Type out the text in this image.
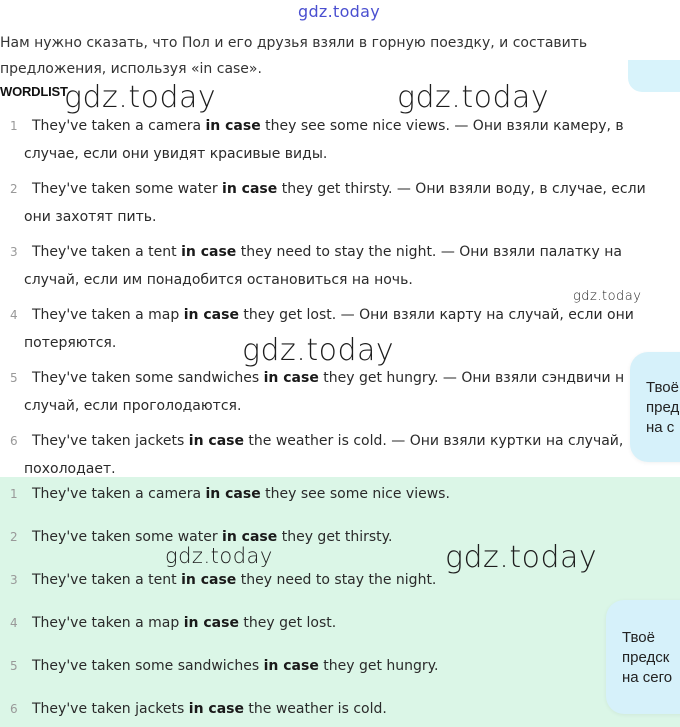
gdz.today
Нам нужно сказать, что Пол и его друзья взяли в горную поездку, и составить предложения, используя «in case».
WORDLIST
1 They've taken a camera in case they see some nice views. — Они взяли камеру, в
случае, если они увидят красивые виды.
2 They've taken some water in case they get thirsty. — Они взяли воду, в случае, если
они захотят пить.
3 They've taken a tent in case they need to stay the night. — Они взяли палатку на
случай, если им понадобится остановиться на ночь.
4 They've taken a map in case they get lost. — Они взяли карту на случай, если они
потеряются.
5 They've taken some sandwiches in case they get hungry. — Они взяли сэндвичи н
случай, если проголодаются.
6 They've taken jackets in case the weather is cold. — Они взяли куртки на случай,
похолодает.
1 They've taken a camera in case they see some nice views.
2 They've taken some water in case they get thirsty.
3 They've taken a tent in case they need to stay the night.
4 They've taken a map in case they get lost.
5 They've taken some sandwiches in case they get hungry.
6 They've taken jackets in case the weather is cold.
Твоё
пред
на с
Твоё
предск
на сего
gdz.today	gdz.today
gdz.today
gdz.today
gdz.today	gdz.today
